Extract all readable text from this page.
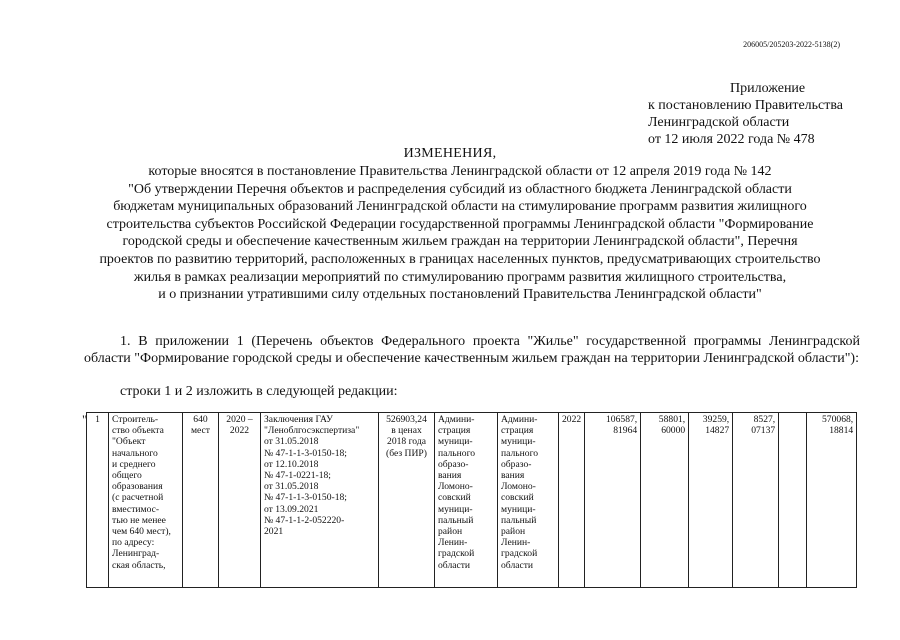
206005/205203-2022-5138(2)
Приложение
к постановлению Правительства
Ленинградской области
от 12 июля 2022 года № 478
ИЗМЕНЕНИЯ,
которые вносятся в постановление Правительства Ленинградской области от 12 апреля 2019 года № 142
"Об утверждении Перечня объектов и распределения субсидий из областного бюджета Ленинградской области
бюджетам муниципальных образований Ленинградской области на стимулирование программ развития жилищного
строительства субъектов Российской Федерации государственной программы Ленинградской области "Формирование
городской среды и обеспечение качественным жильем граждан на территории Ленинградской области", Перечня
проектов по развитию территорий, расположенных в границах населенных пунктов, предусматривающих строительство
жилья в рамках реализации мероприятий по стимулированию программ развития жилищного строительства,
и о признании утратившими силу отдельных постановлений Правительства Ленинградской области"
1. В приложении 1 (Перечень объектов Федерального проекта "Жилье" государственной программы Ленинградской области "Формирование городской среды и обеспечение качественным жильем граждан на территории Ленинградской области"):
строки 1 и 2 изложить в следующей редакции:
" 1	Строитель-
ство объекта
"Объект
начального
и среднего
общего
образования
(с расчетной
вместимос-
тью не менее
чем 640 мест),
по адресу:
Ленинград-
ская область,	640
мест	2020 –
2022	Заключения ГАУ
"Леноблгосэкспертиза"
от 31.05.2018
№ 47-1-1-3-0150-18;
от 12.10.2018
№ 47-1-0221-18;
от 31.05.2018
№ 47-1-1-3-0150-18;
от 13.09.2021
№ 47-1-1-2-052220-
2021	526903,24
в ценах
2018 года
(без ПИР)	Админи-
страция
муници-
пального
образо-
вания
Ломоно-
совский
муници-
пальный
район
Ленин-
градской
области	Админи-
страция
муници-
пального
образо-
вания
Ломоно-
совский
муници-
пальный
район
Ленин-
градской
области	2022	106587,
81964	58801,
60000	39259,
14827	8527,
07137		570068,
18814
